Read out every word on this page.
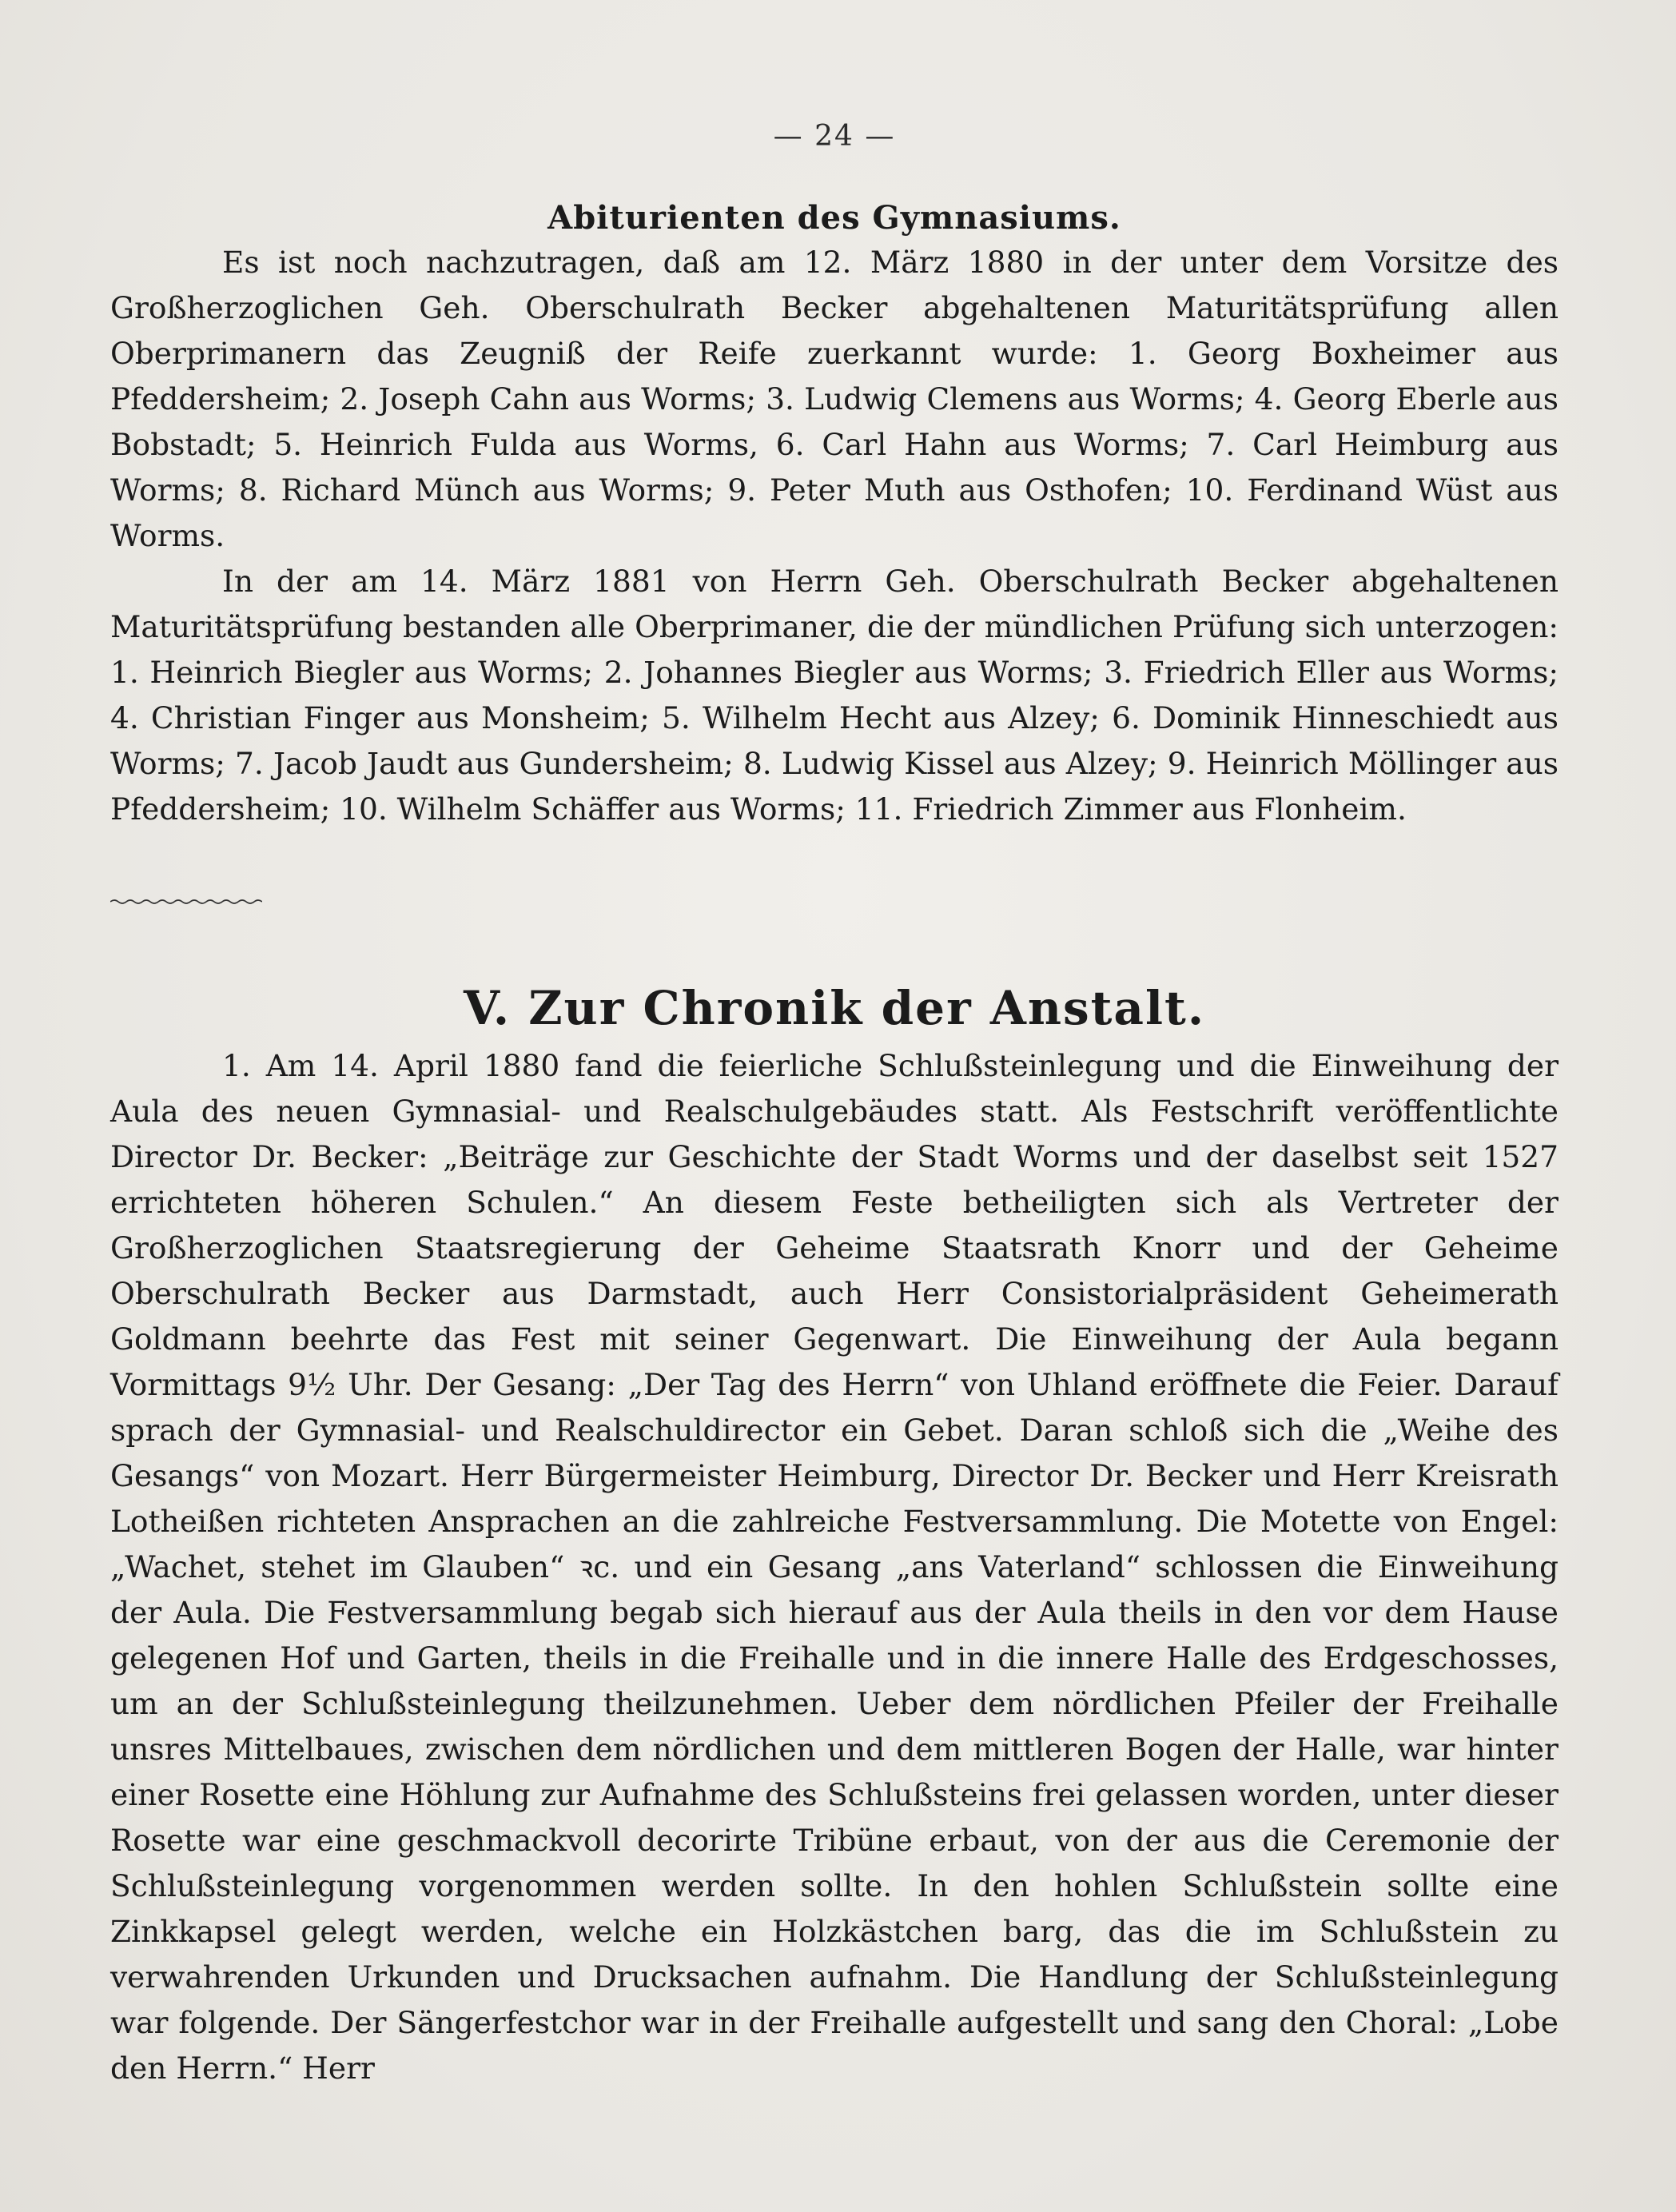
— 24 —
Abiturienten des Gymnasiums.

Es ist noch nachzutragen, daß am 12. März 1880 in der unter dem Vorsitze des Großherzoglichen Geh. Oberschulrath Becker abgehaltenen Maturitätsprüfung allen Oberprimanern das Zeugniß der Reife zuerkannt wurde: 1. Georg Boxheimer aus Pfeddersheim; 2. Joseph Cahn aus Worms; 3. Ludwig Clemens aus Worms; 4. Georg Eberle aus Bobstadt; 5. Heinrich Fulda aus Worms, 6. Carl Hahn aus Worms; 7. Carl Heimburg aus Worms; 8. Richard Münch aus Worms; 9. Peter Muth aus Osthofen; 10. Ferdinand Wüst aus Worms.

In der am 14. März 1881 von Herrn Geh. Oberschulrath Becker abgehaltenen Maturitätsprüfung bestanden alle Oberprimaner, die der mündlichen Prüfung sich unterzogen: 1. Heinrich Biegler aus Worms; 2. Johannes Biegler aus Worms; 3. Friedrich Eller aus Worms; 4. Christian Finger aus Monsheim; 5. Wilhelm Hecht aus Alzey; 6. Dominik Hinneschiedt aus Worms; 7. Jacob Jaudt aus Gundersheim; 8. Ludwig Kissel aus Alzey; 9. Heinrich Möllinger aus Pfeddersheim; 10. Wilhelm Schäffer aus Worms; 11. Friedrich Zimmer aus Flonheim.

V. Zur Chronik der Anstalt.

1. Am 14. April 1880 fand die feierliche Schlußsteinlegung und die Einweihung der Aula des neuen Gymnasial- und Realschulgebäudes statt. Als Festschrift veröffentlichte Director Dr. Becker: „Beiträge zur Geschichte der Stadt Worms und der daselbst seit 1527 errichteten höheren Schulen.“ An diesem Feste betheiligten sich als Vertreter der Großherzoglichen Staatsregierung der Geheime Staatsrath Knorr und der Geheime Oberschulrath Becker aus Darmstadt, auch Herr Consistorialpräsident Geheimerath Goldmann beehrte das Fest mit seiner Gegenwart. Die Einweihung der Aula begann Vormittags 9½ Uhr. Der Gesang: „Der Tag des Herrn“ von Uhland eröffnete die Feier. Darauf sprach der Gymnasial- und Realschuldirector ein Gebet. Daran schloß sich die „Weihe des Gesangs“ von Mozart. Herr Bürgermeister Heimburg, Director Dr. Becker und Herr Kreisrath Lotheißen richteten Ansprachen an die zahlreiche Festversammlung. Die Motette von Engel: „Wachet, stehet im Glauben“ ꝛc. und ein Gesang „ans Vaterland“ schlossen die Einweihung der Aula. Die Festversammlung begab sich hierauf aus der Aula theils in den vor dem Hause gelegenen Hof und Garten, theils in die Freihalle und in die innere Halle des Erdgeschosses, um an der Schlußsteinlegung theilzunehmen. Ueber dem nördlichen Pfeiler der Freihalle unsres Mittelbaues, zwischen dem nördlichen und dem mittleren Bogen der Halle, war hinter einer Rosette eine Höhlung zur Aufnahme des Schlußsteins frei gelassen worden, unter dieser Rosette war eine geschmackvoll decorirte Tribüne erbaut, von der aus die Ceremonie der Schlußsteinlegung vorgenommen werden sollte. In den hohlen Schlußstein sollte eine Zinkkapsel gelegt werden, welche ein Holzkästchen barg, das die im Schlußstein zu verwahrenden Urkunden und Drucksachen aufnahm. Die Handlung der Schlußsteinlegung war folgende. Der Sängerfestchor war in der Freihalle aufgestellt und sang den Choral: „Lobe den Herrn.“ Herr
